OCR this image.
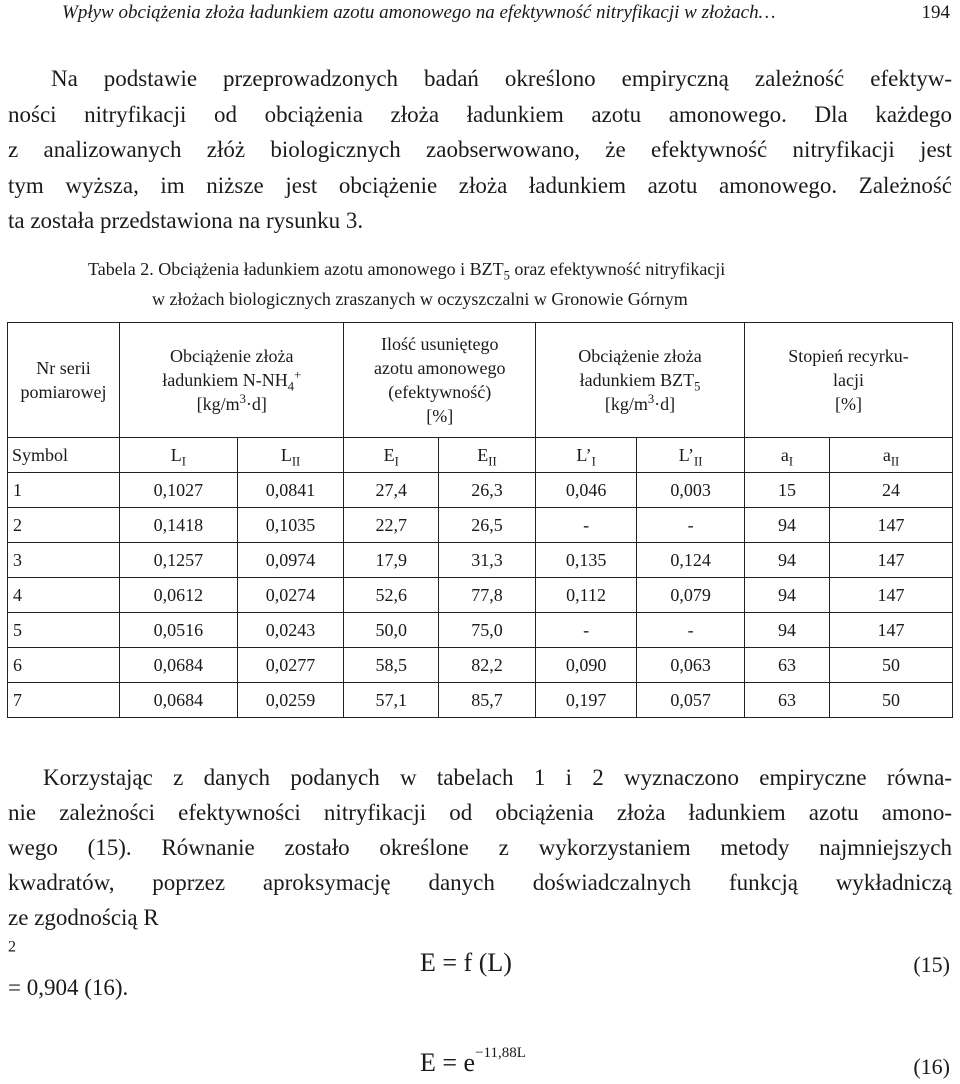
Wpływ obciążenia złoża ładunkiem azotu amonowego na efektywność nitryfikacji w złożach…	194
Na podstawie przeprowadzonych badań określono empiryczną zależność efektyw-
ności nitryfikacji od obciążenia złoża ładunkiem azotu amonowego. Dla każdego
z analizowanych złóż biologicznych zaobserwowano, że efektywność nitryfikacji jest
tym wyższa, im niższe jest obciążenie złoża ładunkiem azotu amonowego. Zależność
ta została przedstawiona na rysunku 3.
Tabela 2. Obciążenia ładunkiem azotu amonowego i $BZT_5$ oraz efektywność nitryfikacji
w złożach biologicznych zraszanych w oczyszczalni w Gronowie Górnym
Nr serii
pomiarowej	Obciążenie złoża
ładunkiem $N-NH_4^+$
$[kg/m^3\cdot d]$		Ilość usuniętego
azotu amonowego
(efektywność)
[%]		Obciążenie złoża
ładunkiem $BZT_5$
$[kg/m^3\cdot d]$		Stopień recyrku-
lacji
[%]	
Symbol	$L_I$	$L_{II}$	$E_I$	$E_{II}$	$L’_I$	$L’_{II}$	$a_I$	$a_{II}$
1	0,1027	0,0841	27,4	26,3	0,046	0,003	15	24
2	0,1418	0,1035	22,7	26,5	-	-	94	147
3	0,1257	0,0974	17,9	31,3	0,135	0,124	94	147
4	0,0612	0,0274	52,6	77,8	0,112	0,079	94	147
5	0,0516	0,0243	50,0	75,0	-	-	94	147
6	0,0684	0,0277	58,5	82,2	0,090	0,063	63	50
7	0,0684	0,0259	57,1	85,7	0,197	0,057	63	50
Korzystając z danych podanych w tabelach 1 i 2 wyznaczono empiryczne równa-
nie zależności efektywności nitryfikacji od obciążenia złoża ładunkiem azotu amono-
wego (15). Równanie zostało określone z wykorzystaniem metody najmniejszych
kwadratów, poprzez aproksymację danych doświadczalnych funkcją wykładniczą
ze zgodnością R
$^2$
= 0,904 (16).
E = f (L)	(15)
$E = e^{-11,88L}$
(16)
